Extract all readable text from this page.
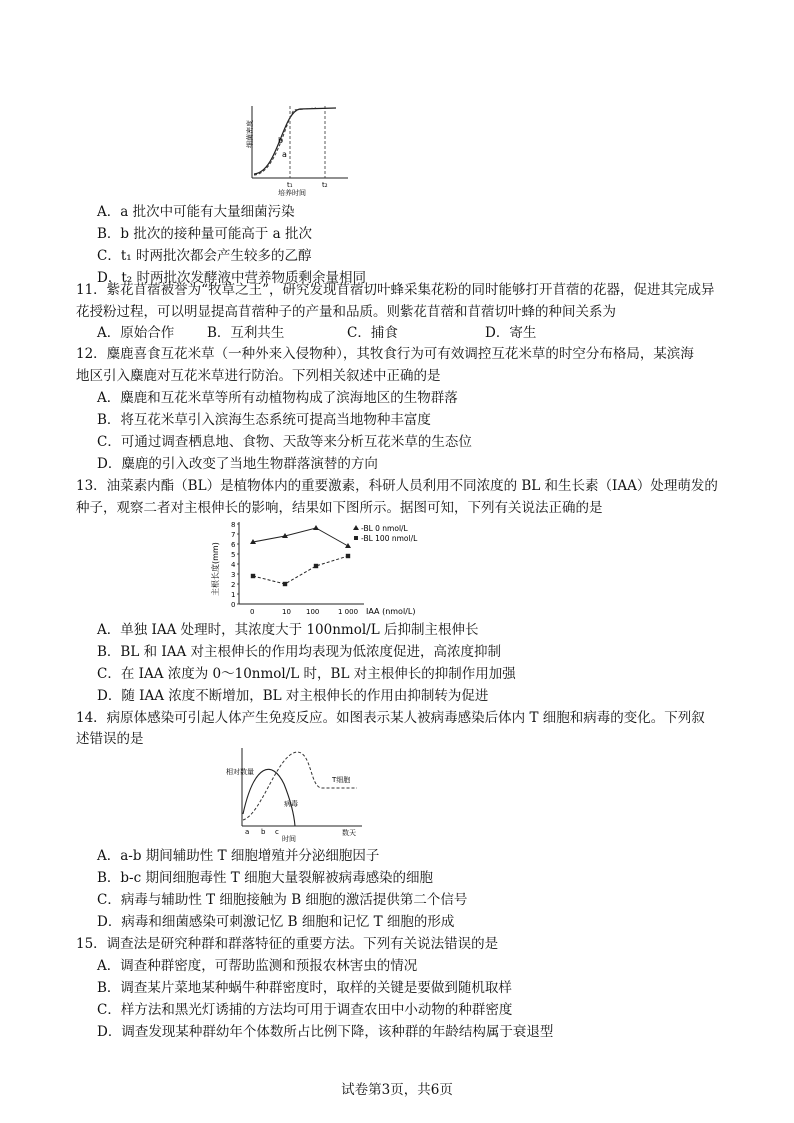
细菌密度
a
b
t₁	t₂
培养时间
A．a 批次中可能有大量细菌污染
B．b 批次的接种量可能高于 a 批次
C．t₁ 时两批次都会产生较多的乙醇
D．t₂ 时两批次发酵液中营养物质剩余量相同
11．紫花苜蓿被誉为“牧草之王”，研究发现苜蓿切叶蜂采集花粉的同时能够打开苜蓿的花器，促进其完成异
花授粉过程，可以明显提高苜蓿种子的产量和品质。则紫花苜蓿和苜蓿切叶蜂的种间关系为
A．原始合作 B．互利共生	C．捕食	D．寄生
12．麋鹿喜食互花米草（一种外来入侵物种），其牧食行为可有效调控互花米草的时空分布格局，某滨海
地区引入麋鹿对互花米草进行防治。下列相关叙述中正确的是
A．麋鹿和互花米草等所有动植物构成了滨海地区的生物群落
B．将互花米草引入滨海生态系统可提高当地物种丰富度
C．可通过调查栖息地、食物、天敌等来分析互花米草的生态位
D．麋鹿的引入改变了当地生物群落演替的方向
13．油菜素内酯（BL）是植物体内的重要激素，科研人员利用不同浓度的 BL 和生长素（IAA）处理萌发的
种子，观察二者对主根伸长的影响，结果如下图所示。据图可知，下列有关说法正确的是
0
1
2
3
4
5
6
7
8
0	10 100	1 000
-BL 0 nmol/L
-BL 100 nmol/L
主根长度(mm)
IAA (nmol/L)
A．单独 IAA 处理时，其浓度大于 100nmol/L 后抑制主根伸长
B．BL 和 IAA 对主根伸长的作用均表现为低浓度促进，高浓度抑制
C．在 IAA 浓度为 0～10nmol/L 时，BL 对主根伸长的抑制作用加强
D．随 IAA 浓度不断增加，BL 对主根伸长的作用由抑制转为促进
14．病原体感染可引起人体产生免疫反应。如图表示某人被病毒感染后体内 T 细胞和病毒的变化。下列叙
述错误的是
相对数量
T细胞
病毒
a b c	数天
时间
A．a-b 期间辅助性 T 细胞增殖并分泌细胞因子
B．b-c 期间细胞毒性 T 细胞大量裂解被病毒感染的细胞
C．病毒与辅助性 T 细胞接触为 B 细胞的激活提供第二个信号
D．病毒和细菌感染可刺激记忆 B 细胞和记忆 T 细胞的形成
15．调查法是研究种群和群落特征的重要方法。下列有关说法错误的是
A．调查种群密度，可帮助监测和预报农林害虫的情况
B．调查某片菜地某种蜗牛种群密度时，取样的关键是要做到随机取样
C．样方法和黑光灯诱捕的方法均可用于调查农田中小动物的种群密度
D．调查发现某种群幼年个体数所占比例下降，该种群的年龄结构属于衰退型
试卷第3页，共6页
